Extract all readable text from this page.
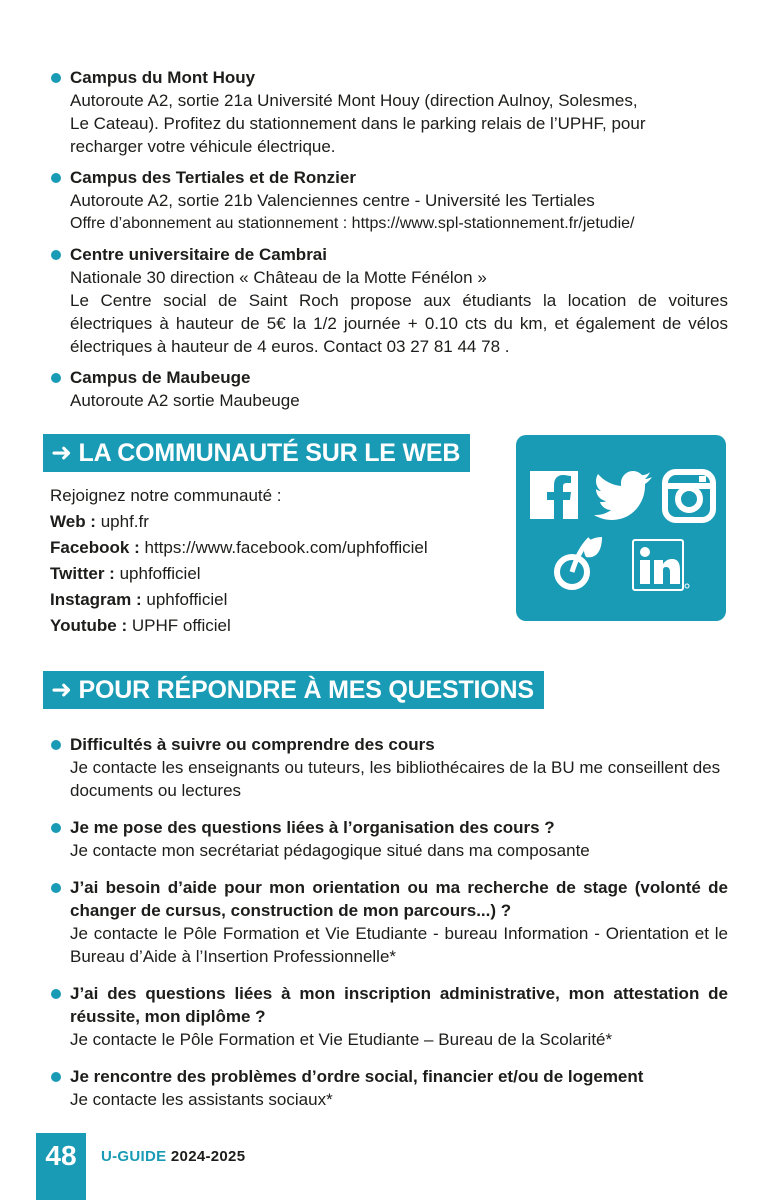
Campus du Mont Houy
Autoroute A2, sortie 21a Université Mont Houy (direction Aulnoy, Solesmes,
Le Cateau). Profitez du stationnement dans le parking relais de l’UPHF, pour
recharger votre véhicule électrique.
Campus des Tertiales et de Ronzier
Autoroute A2, sortie 21b Valenciennes centre - Université les Tertiales
Offre d’abonnement au stationnement : https://www.spl-stationnement.fr/jetudie/
Centre universitaire de Cambrai
Nationale 30 direction « Château de la Motte Fénélon »
Le Centre social de Saint Roch propose aux étudiants la location de voitures électriques à hauteur de 5€ la 1/2 journée + 0.10 cts du km, et également de vélos électriques à hauteur de 4 euros. Contact 03 27 81 44 78 .
Campus de Maubeuge
Autoroute A2 sortie Maubeuge
➜ LA COMMUNAUTÉ SUR LE WEB
Rejoignez notre communauté :
Web : uphf.fr
Facebook : https://www.facebook.com/uphfofficiel
Twitter : uphfofficiel
Instagram : uphfofficiel
Youtube : UPHF officiel
➜ POUR RÉPONDRE À MES QUESTIONS
Difficultés à suivre ou comprendre des cours
Je contacte les enseignants ou tuteurs, les bibliothécaires de la BU me conseillent des documents ou lectures
Je me pose des questions liées à l’organisation des cours ?
Je contacte mon secrétariat pédagogique situé dans ma composante
J’ai besoin d’aide pour mon orientation ou ma recherche de stage (volonté de changer de cursus, construction de mon parcours...) ?
Je contacte le Pôle Formation et Vie Etudiante - bureau Information - Orientation et le Bureau d’Aide à l’Insertion Professionnelle*
J’ai des questions liées à mon inscription administrative, mon attestation de réussite, mon diplôme ?
Je contacte le Pôle Formation et Vie Etudiante – Bureau de la Scolarité*
Je rencontre des problèmes d’ordre social, financier et/ou de logement
Je contacte les assistants sociaux*
48	U-GUIDE 2024-2025
